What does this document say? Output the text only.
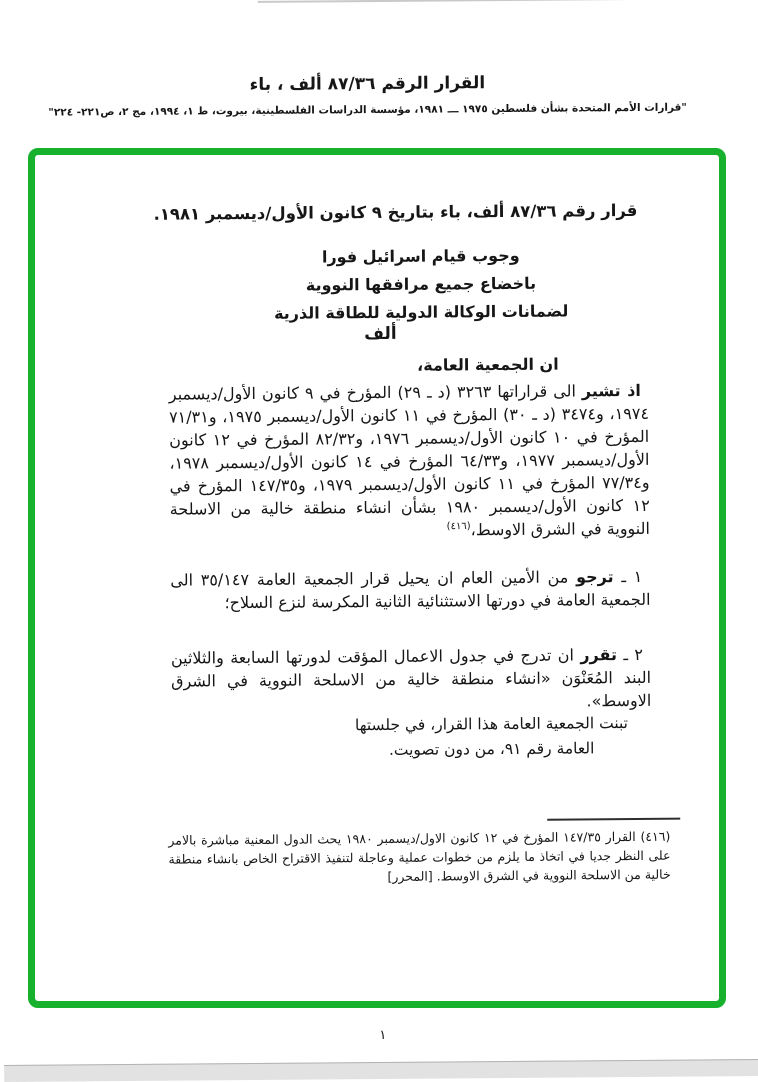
القرار الرقم ٨٧/٣٦ ألف ، باء
"قرارات الأمم المتحدة بشأن فلسطين ١٩٧٥ ـــ ١٩٨١، مؤسسة الدراسات الفلسطينية، بيروت، ط ١، ١٩٩٤، مج ٢، ص٢٢١- ٢٢٤"
قرار رقم ٨٧/٣٦ ألف، باء بتاريخ ٩ كانون الأول/ديسمبر ١٩٨١.
وجوب قيام اسرائيل فورا
باخضاع جميع مرافقها النووية
لضمانات الوكالة الدولية للطاقة الذرية
ألف
ان الجمعية العامة،
اذ تشير الى قراراتها ٣٢٦٣ (د ـ ٢٩) المؤرخ في ٩ كانون الأول/ديسمبر ١٩٧٤، و٣٤٧٤ (د ـ ٣٠) المؤرخ في ١١ كانون الأول/ديسمبر ١٩٧٥، و٧١/٣١ المؤرخ في ١٠ كانون الأول/ديسمبر ١٩٧٦، و٨٢/٣٢ المؤرخ في ١٢ كانون الأول/ديسمبر ١٩٧٧، و٦٤/٣٣ المؤرخ في ١٤ كانون الأول/ديسمبر ١٩٧٨، و٧٧/٣٤ المؤرخ في ١١ كانون الأول/ديسمبر ١٩٧٩، و١٤٧/٣٥ المؤرخ في ١٢ كانون الأول/ديسمبر ١٩٨٠ بشأن انشاء منطقة خالية من الاسلحة النووية في الشرق الاوسط،$^{(٤١٦)}$
١ ـ ترجو من الأمين العام ان يحيل قرار الجمعية العامة ٣٥/١٤٧ الى الجمعية العامة في دورتها الاستثنائية الثانية المكرسة لنزع السلاح؛
٢ ـ تقرر ان تدرج في جدول الاعمال المؤقت لدورتها السابعة والثلاثين البند المُعَنْوَن «انشاء منطقة خالية من الاسلحة النووية في الشرق الاوسط».
تبنت الجمعية العامة هذا القرار، في جلستها العامة رقم ٩١، من دون تصويت.
(٤١٦) القرار ١٤٧/٣٥ المؤرخ في ١٢ كانون الاول/ديسمبر ١٩٨٠ يحث الدول المعنية مباشرة بالامر على النظر جديا في اتخاذ ما يلزم من خطوات عملية وعاجلة لتنفيذ الاقتراح الخاص بانشاء منطقة خالية من الاسلحة النووية في الشرق الاوسط. [المحرر]
١
